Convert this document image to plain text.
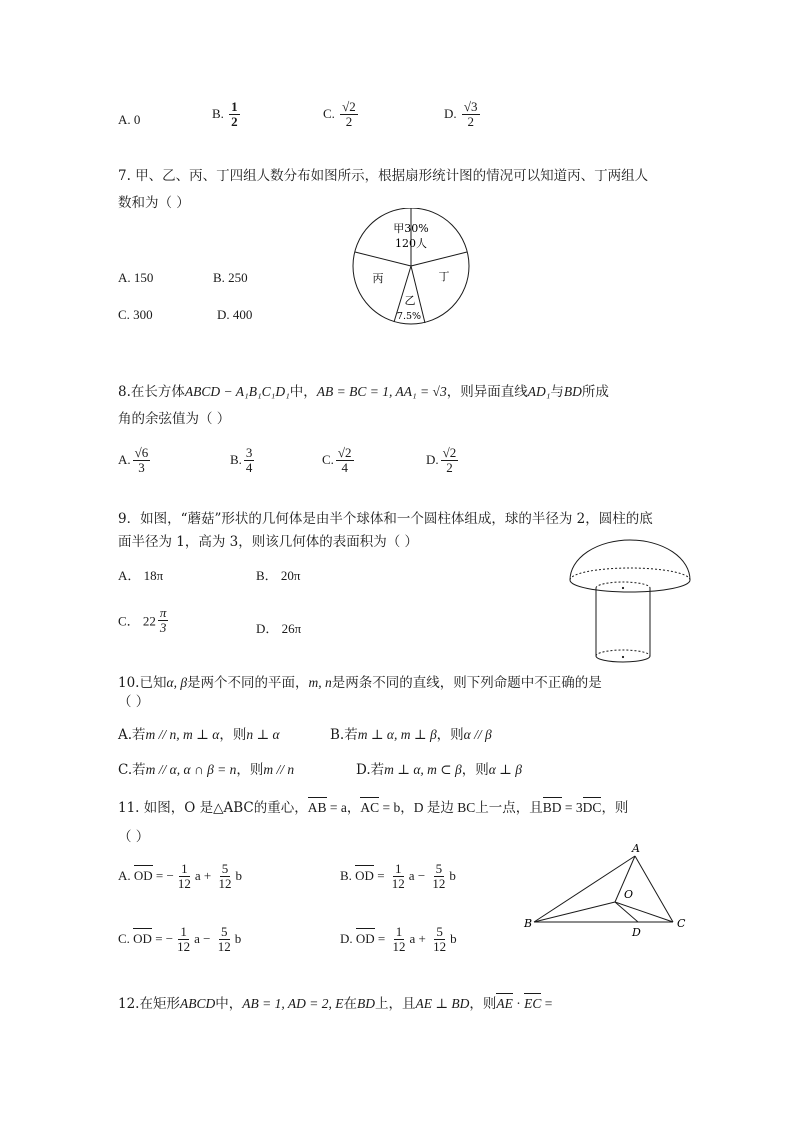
A. 0	B. $\frac{1}{2}$	C. $\frac{√2}{2}$	D. $\frac{√3}{2}$
7. 甲、乙、丙、丁四组人数分布如图所示，根据扇形统计图的情况可以知道丙、丁两组人
数和为（ ）
A. 150	B. 250
C. 300	D. 400
甲30%
120人
丙	丁
乙
7.5%
8.在长方体ABCD − A₁B₁C₁D₁中，AB = BC = 1, AA₁ = √3，则异面直线AD₁与BD所成
角的余弦值为（ ）
A. $\frac{√6}{3}$	B. $\frac{3}{4}$	C. $\frac{√2}{4}$	D. $\frac{√2}{2}$
9．如图，“蘑菇”形状的几何体是由半个球体和一个圆柱体组成，球的半径为 2，圆柱的底
面半径为 1，高为 3，则该几何体的表面积为（ ）
A． 18π	B． 20π
C． $22 \frac{\pi}{3}$	D． 26π
10.已知α, β是两个不同的平面，m, n是两条不同的直线，则下列命题中不正确的是
（ ）
A.若m // n, m ⊥ α，则n ⊥ α	B.若m ⊥ α, m ⊥ β，则α // β
C.若m // α, α ∩ β = n，则m // n	D.若m ⊥ α, m ⊂ β，则α ⊥ β
11. 如图，O 是△ABC的重心，AB = a，AC = b，D 是边 BC上一点，且BD = 3DC，则
（ ）
A. OD = − $\frac{1}{12}$ $a + \frac{5}{12}$ b	B. OD = $\frac{1}{12}$ $a - \frac{5}{12}$ b
C. OD = − $\frac{1}{12}$ $a - \frac{5}{12}$ b	D. OD = $\frac{1}{12}$ $a + \frac{5}{12}$ b
A
B	C
D
O
12.在矩形ABCD中，AB = 1, AD = 2, E在BD上，且AE ⊥ BD，则AE · EC =
